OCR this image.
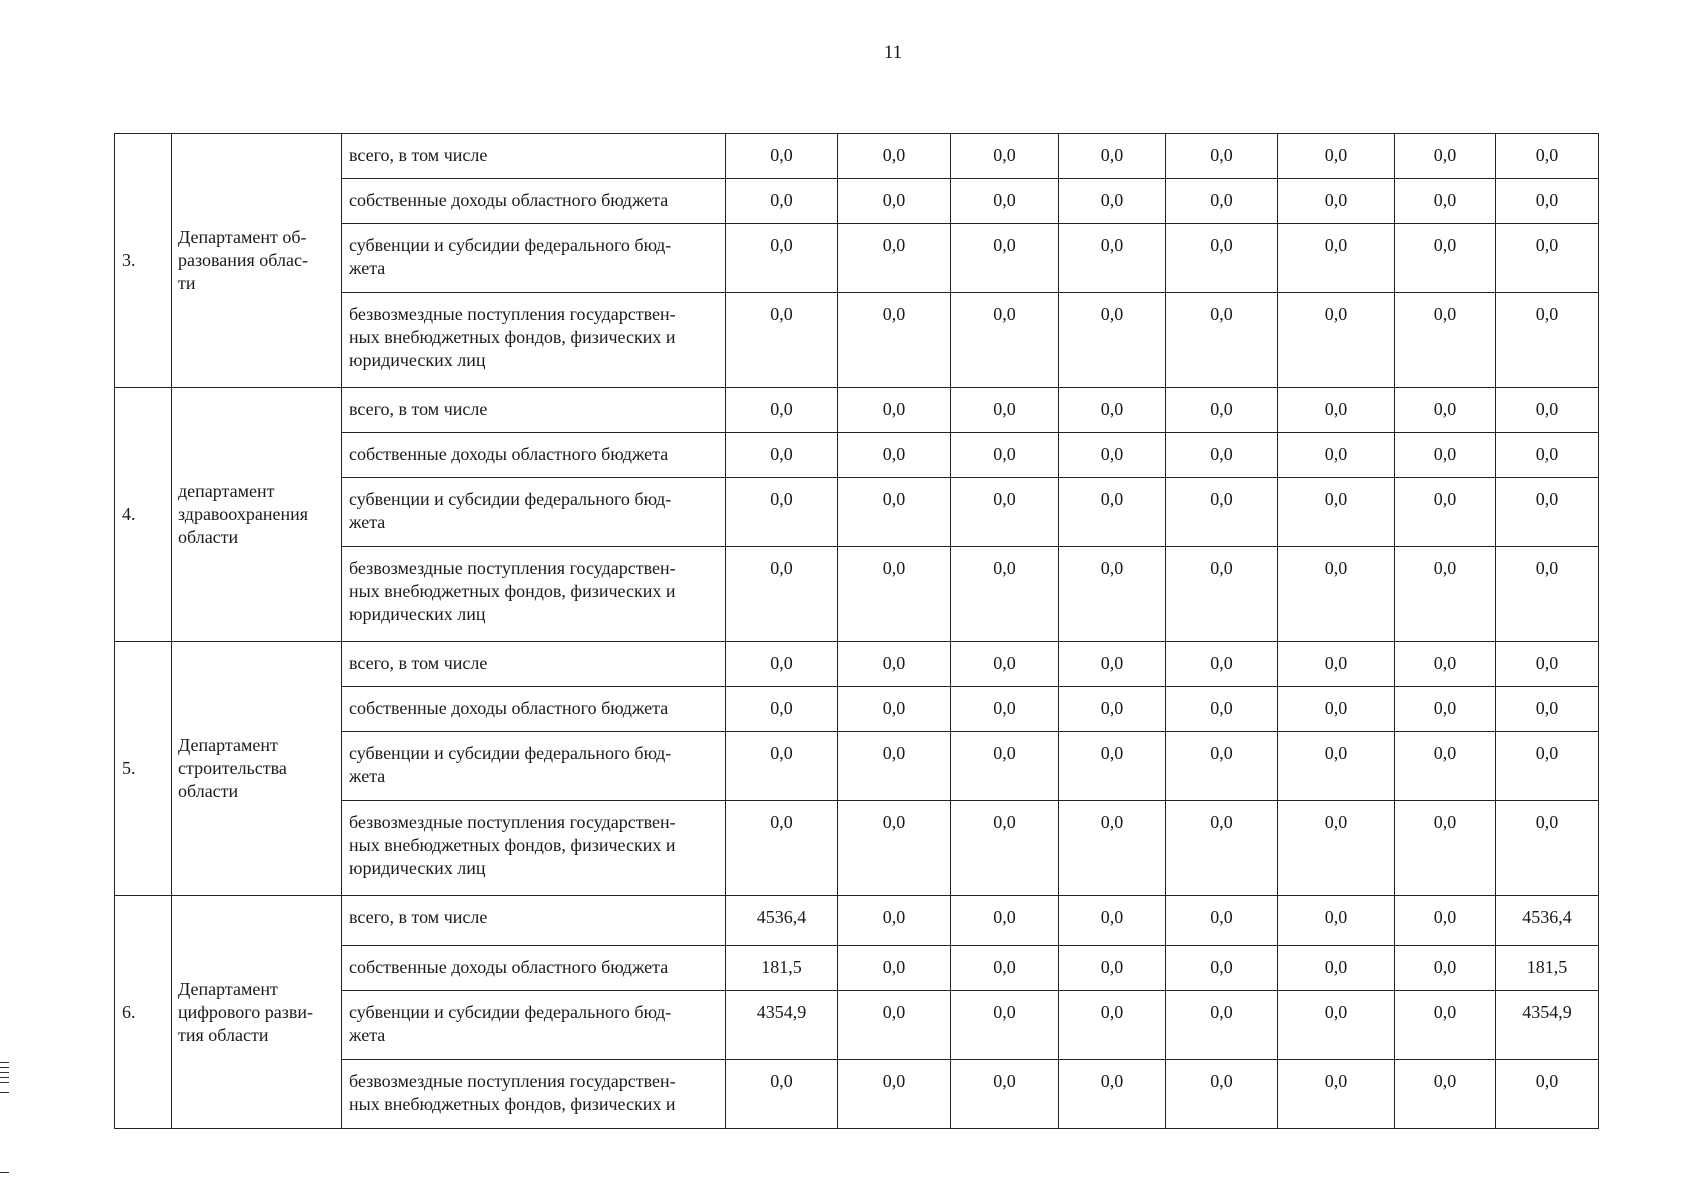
11
3.	Департамент об-
разования облас-
ти	всего, в том числе	0,0	0,0	0,0	0,0	0,0	0,0	0,0	0,0
		собственные доходы областного бюджета	0,0	0,0	0,0	0,0	0,0	0,0	0,0	0,0
		субвенции и субсидии федерального бюд-
жета	0,0	0,0	0,0	0,0	0,0	0,0	0,0	0,0
		безвозмездные поступления государствен-
ных внебюджетных фондов, физических и
юридических лиц	0,0	0,0	0,0	0,0	0,0	0,0	0,0	0,0
4.	департамент
здравоохранения
области	всего, в том числе	0,0	0,0	0,0	0,0	0,0	0,0	0,0	0,0
		собственные доходы областного бюджета	0,0	0,0	0,0	0,0	0,0	0,0	0,0	0,0
		субвенции и субсидии федерального бюд-
жета	0,0	0,0	0,0	0,0	0,0	0,0	0,0	0,0
		безвозмездные поступления государствен-
ных внебюджетных фондов, физических и
юридических лиц	0,0	0,0	0,0	0,0	0,0	0,0	0,0	0,0
5.	Департамент
строительства
области	всего, в том числе	0,0	0,0	0,0	0,0	0,0	0,0	0,0	0,0
		собственные доходы областного бюджета	0,0	0,0	0,0	0,0	0,0	0,0	0,0	0,0
		субвенции и субсидии федерального бюд-
жета	0,0	0,0	0,0	0,0	0,0	0,0	0,0	0,0
		безвозмездные поступления государствен-
ных внебюджетных фондов, физических и
юридических лиц	0,0	0,0	0,0	0,0	0,0	0,0	0,0	0,0
6.	Департамент
цифрового разви-
тия области	всего, в том числе	4536,4	0,0	0,0	0,0	0,0	0,0	0,0	4536,4
		собственные доходы областного бюджета	181,5	0,0	0,0	0,0	0,0	0,0	0,0	181,5
		субвенции и субсидии федерального бюд-
жета	4354,9	0,0	0,0	0,0	0,0	0,0	0,0	4354,9
		безвозмездные поступления государствен-
ных внебюджетных фондов, физических и	0,0	0,0	0,0	0,0	0,0	0,0	0,0	0,0
